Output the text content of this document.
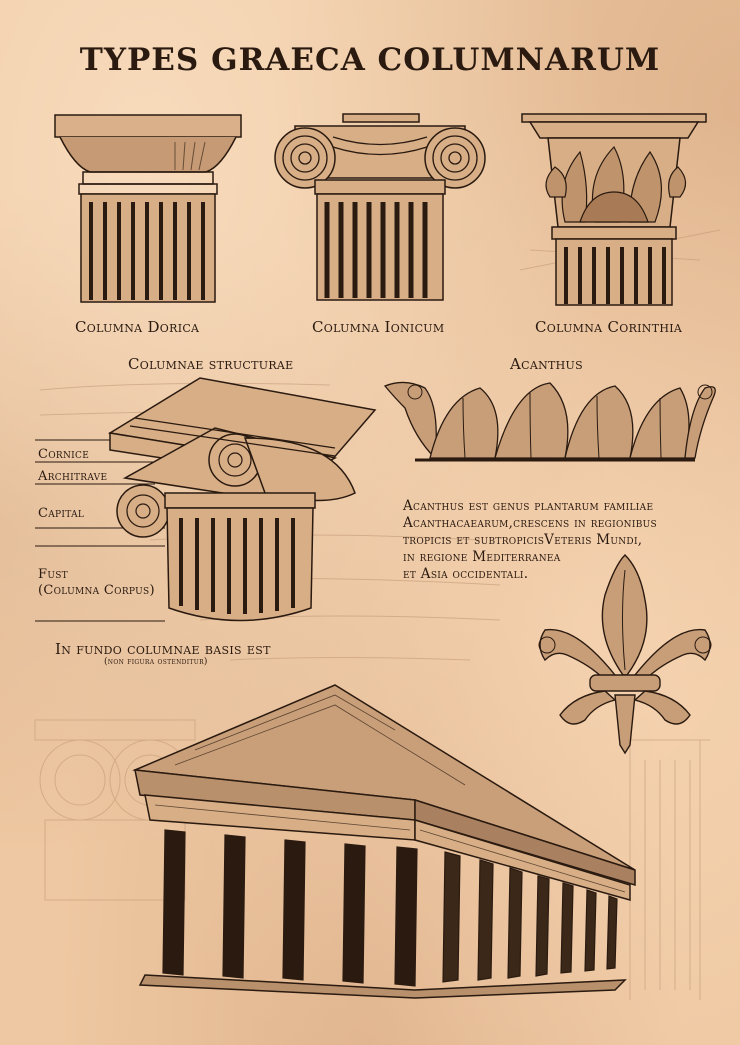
TYPES GRAECA COLUMNARUM
Columna Dorica	Columna Ionicum	Columna Corinthia
Columnae structurae
Cornice
Architrave
Capital
Fust
(Columna Corpus)
In fundo columnae basis est
(non figura ostenditur)
Acanthus
Acanthus est genus plantarum familiae
Acanthacaearum,crescens in regionibus
tropicis et subtropicisVeteris Mundi,
in regione Mediterranea
et Asia occidentali.
